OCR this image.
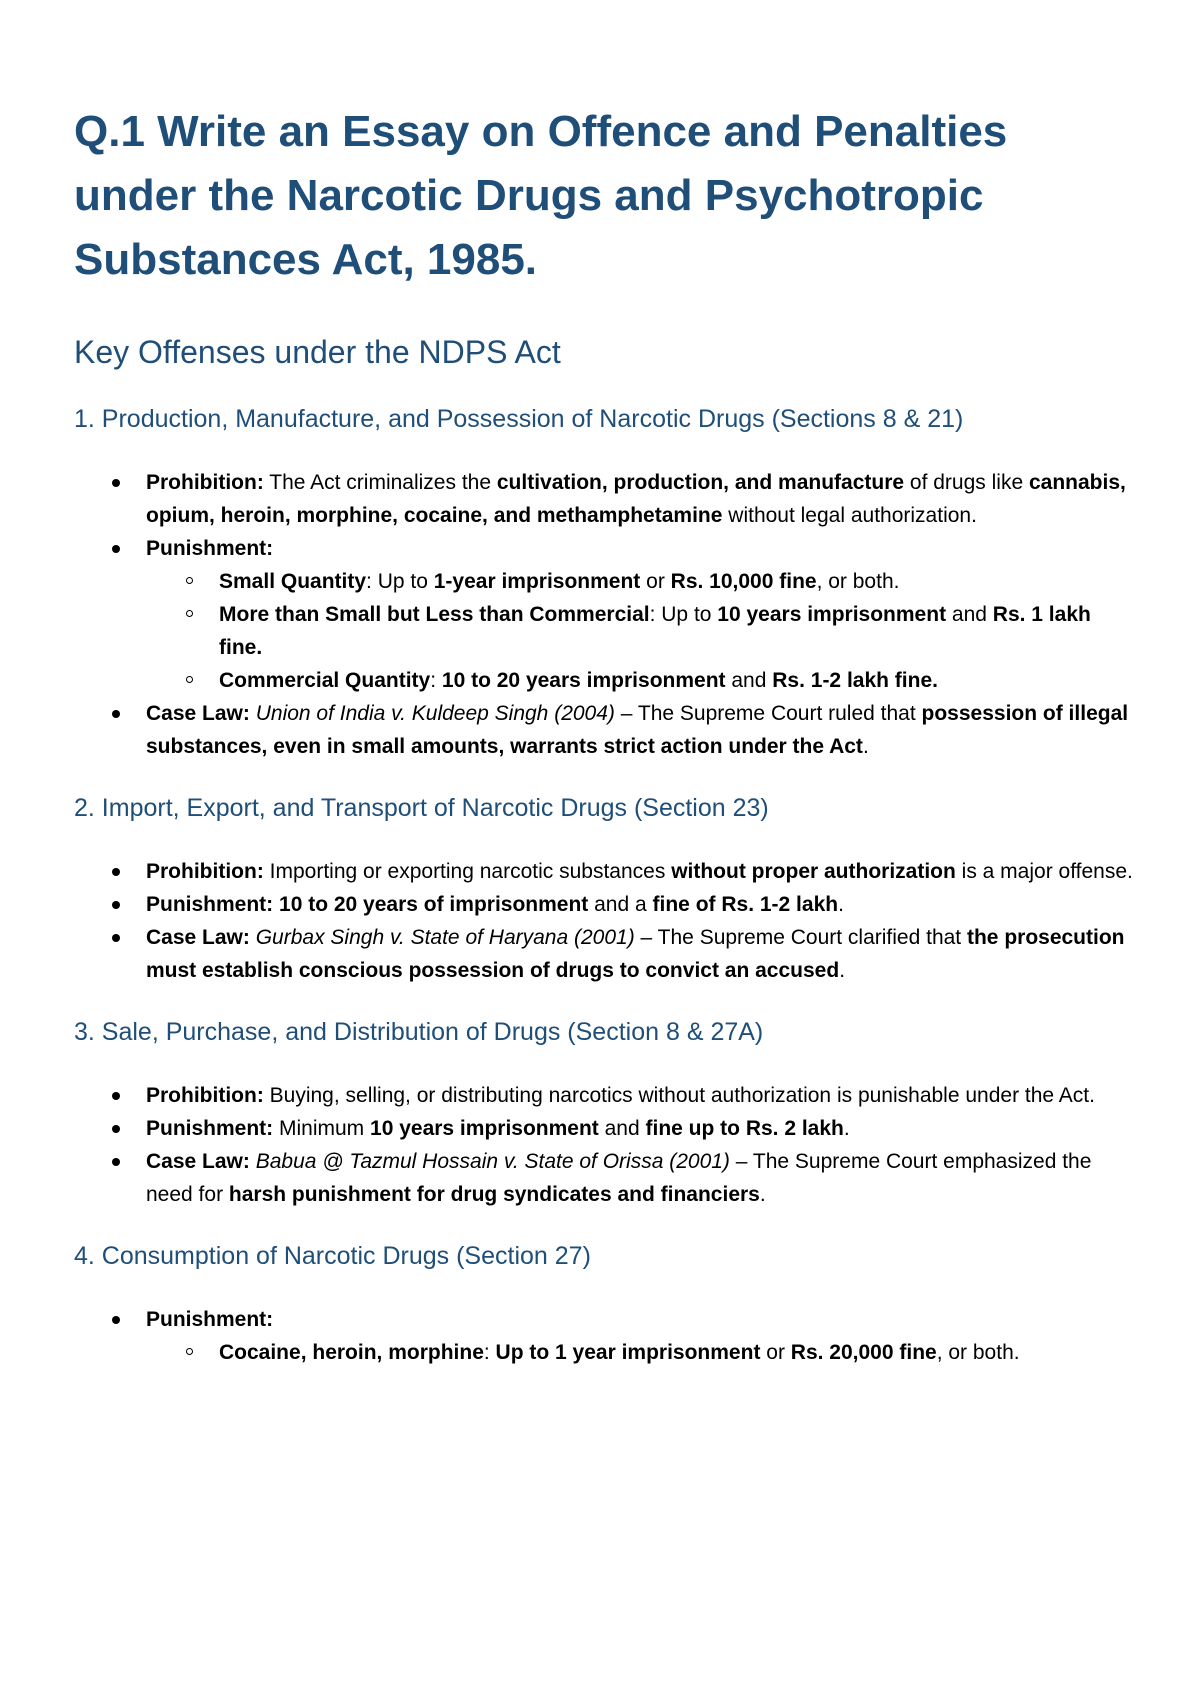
Q.1 Write an Essay on Offence and Penalties under the Narcotic Drugs and Psychotropic Substances Act, 1985.
Key Offenses under the NDPS Act
1. Production, Manufacture, and Possession of Narcotic Drugs (Sections 8 & 21)
Prohibition: The Act criminalizes the cultivation, production, and manufacture of drugs like cannabis, opium, heroin, morphine, cocaine, and methamphetamine without legal authorization.
Punishment:
Small Quantity: Up to 1-year imprisonment or Rs. 10,000 fine, or both.
More than Small but Less than Commercial: Up to 10 years imprisonment and Rs. 1 lakh fine.
Commercial Quantity: 10 to 20 years imprisonment and Rs. 1-2 lakh fine.
Case Law: Union of India v. Kuldeep Singh (2004) – The Supreme Court ruled that possession of illegal substances, even in small amounts, warrants strict action under the Act.
2. Import, Export, and Transport of Narcotic Drugs (Section 23)
Prohibition: Importing or exporting narcotic substances without proper authorization is a major offense.
Punishment: 10 to 20 years of imprisonment and a fine of Rs. 1-2 lakh.
Case Law: Gurbax Singh v. State of Haryana (2001) – The Supreme Court clarified that the prosecution must establish conscious possession of drugs to convict an accused.
3. Sale, Purchase, and Distribution of Drugs (Section 8 & 27A)
Prohibition: Buying, selling, or distributing narcotics without authorization is punishable under the Act.
Punishment: Minimum 10 years imprisonment and fine up to Rs. 2 lakh.
Case Law: Babua @ Tazmul Hossain v. State of Orissa (2001) – The Supreme Court emphasized the need for harsh punishment for drug syndicates and financiers.
4. Consumption of Narcotic Drugs (Section 27)
Punishment:
Cocaine, heroin, morphine: Up to 1 year imprisonment or Rs. 20,000 fine, or both.
